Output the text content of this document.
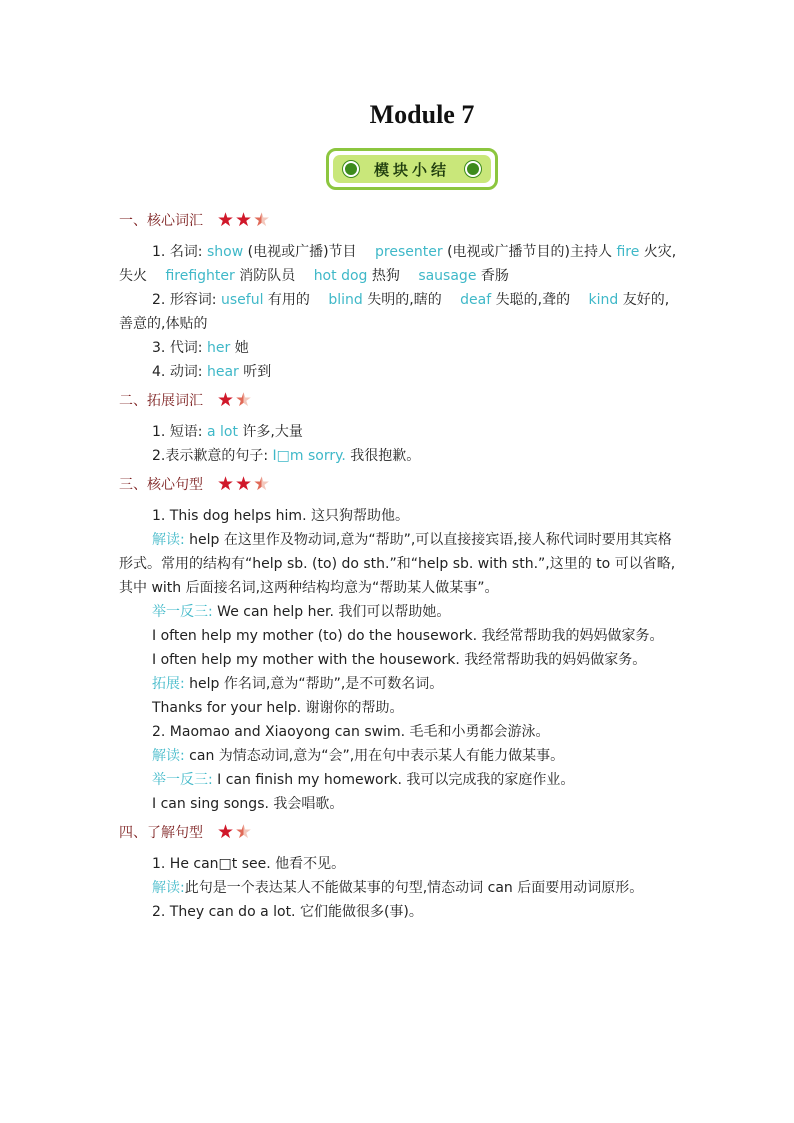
Module 7
模块小结
一、核心词汇 ★ ★ ★
1. 名词: show (电视或广播)节目 presenter (电视或广播节目的)主持人 fire 火灾,失火 firefighter 消防队员 hot dog 热狗 sausage 香肠
2. 形容词: useful 有用的 blind 失明的,瞎的 deaf 失聪的,聋的 kind 友好的,善意的,体贴的
3. 代词: her 她
4. 动词: hear 听到
二、拓展词汇 ★ ★
1. 短语: a lot 许多,大量
2.表示歉意的句子: I□m sorry. 我很抱歉。
三、核心句型 ★ ★ ★
1. This dog helps him. 这只狗帮助他。
解读: help 在这里作及物动词,意为“帮助”,可以直接接宾语,接人称代词时要用其宾格形式。常用的结构有“help sb. (to) do sth.”和“help sb. with sth.”,这里的 to 可以省略,其中 with 后面接名词,这两种结构均意为“帮助某人做某事”。
举一反三: We can help her. 我们可以帮助她。
I often help my mother (to) do the housework. 我经常帮助我的妈妈做家务。
I often help my mother with the housework. 我经常帮助我的妈妈做家务。
拓展: help 作名词,意为“帮助”,是不可数名词。
Thanks for your help. 谢谢你的帮助。
2. Maomao and Xiaoyong can swim. 毛毛和小勇都会游泳。
解读: can 为情态动词,意为“会”,用在句中表示某人有能力做某事。
举一反三: I can finish my homework. 我可以完成我的家庭作业。
I can sing songs. 我会唱歌。
四、了解句型 ★ ★
1. He can□t see. 他看不见。
解读:此句是一个表达某人不能做某事的句型,情态动词 can 后面要用动词原形。
2. They can do a lot. 它们能做很多(事)。
